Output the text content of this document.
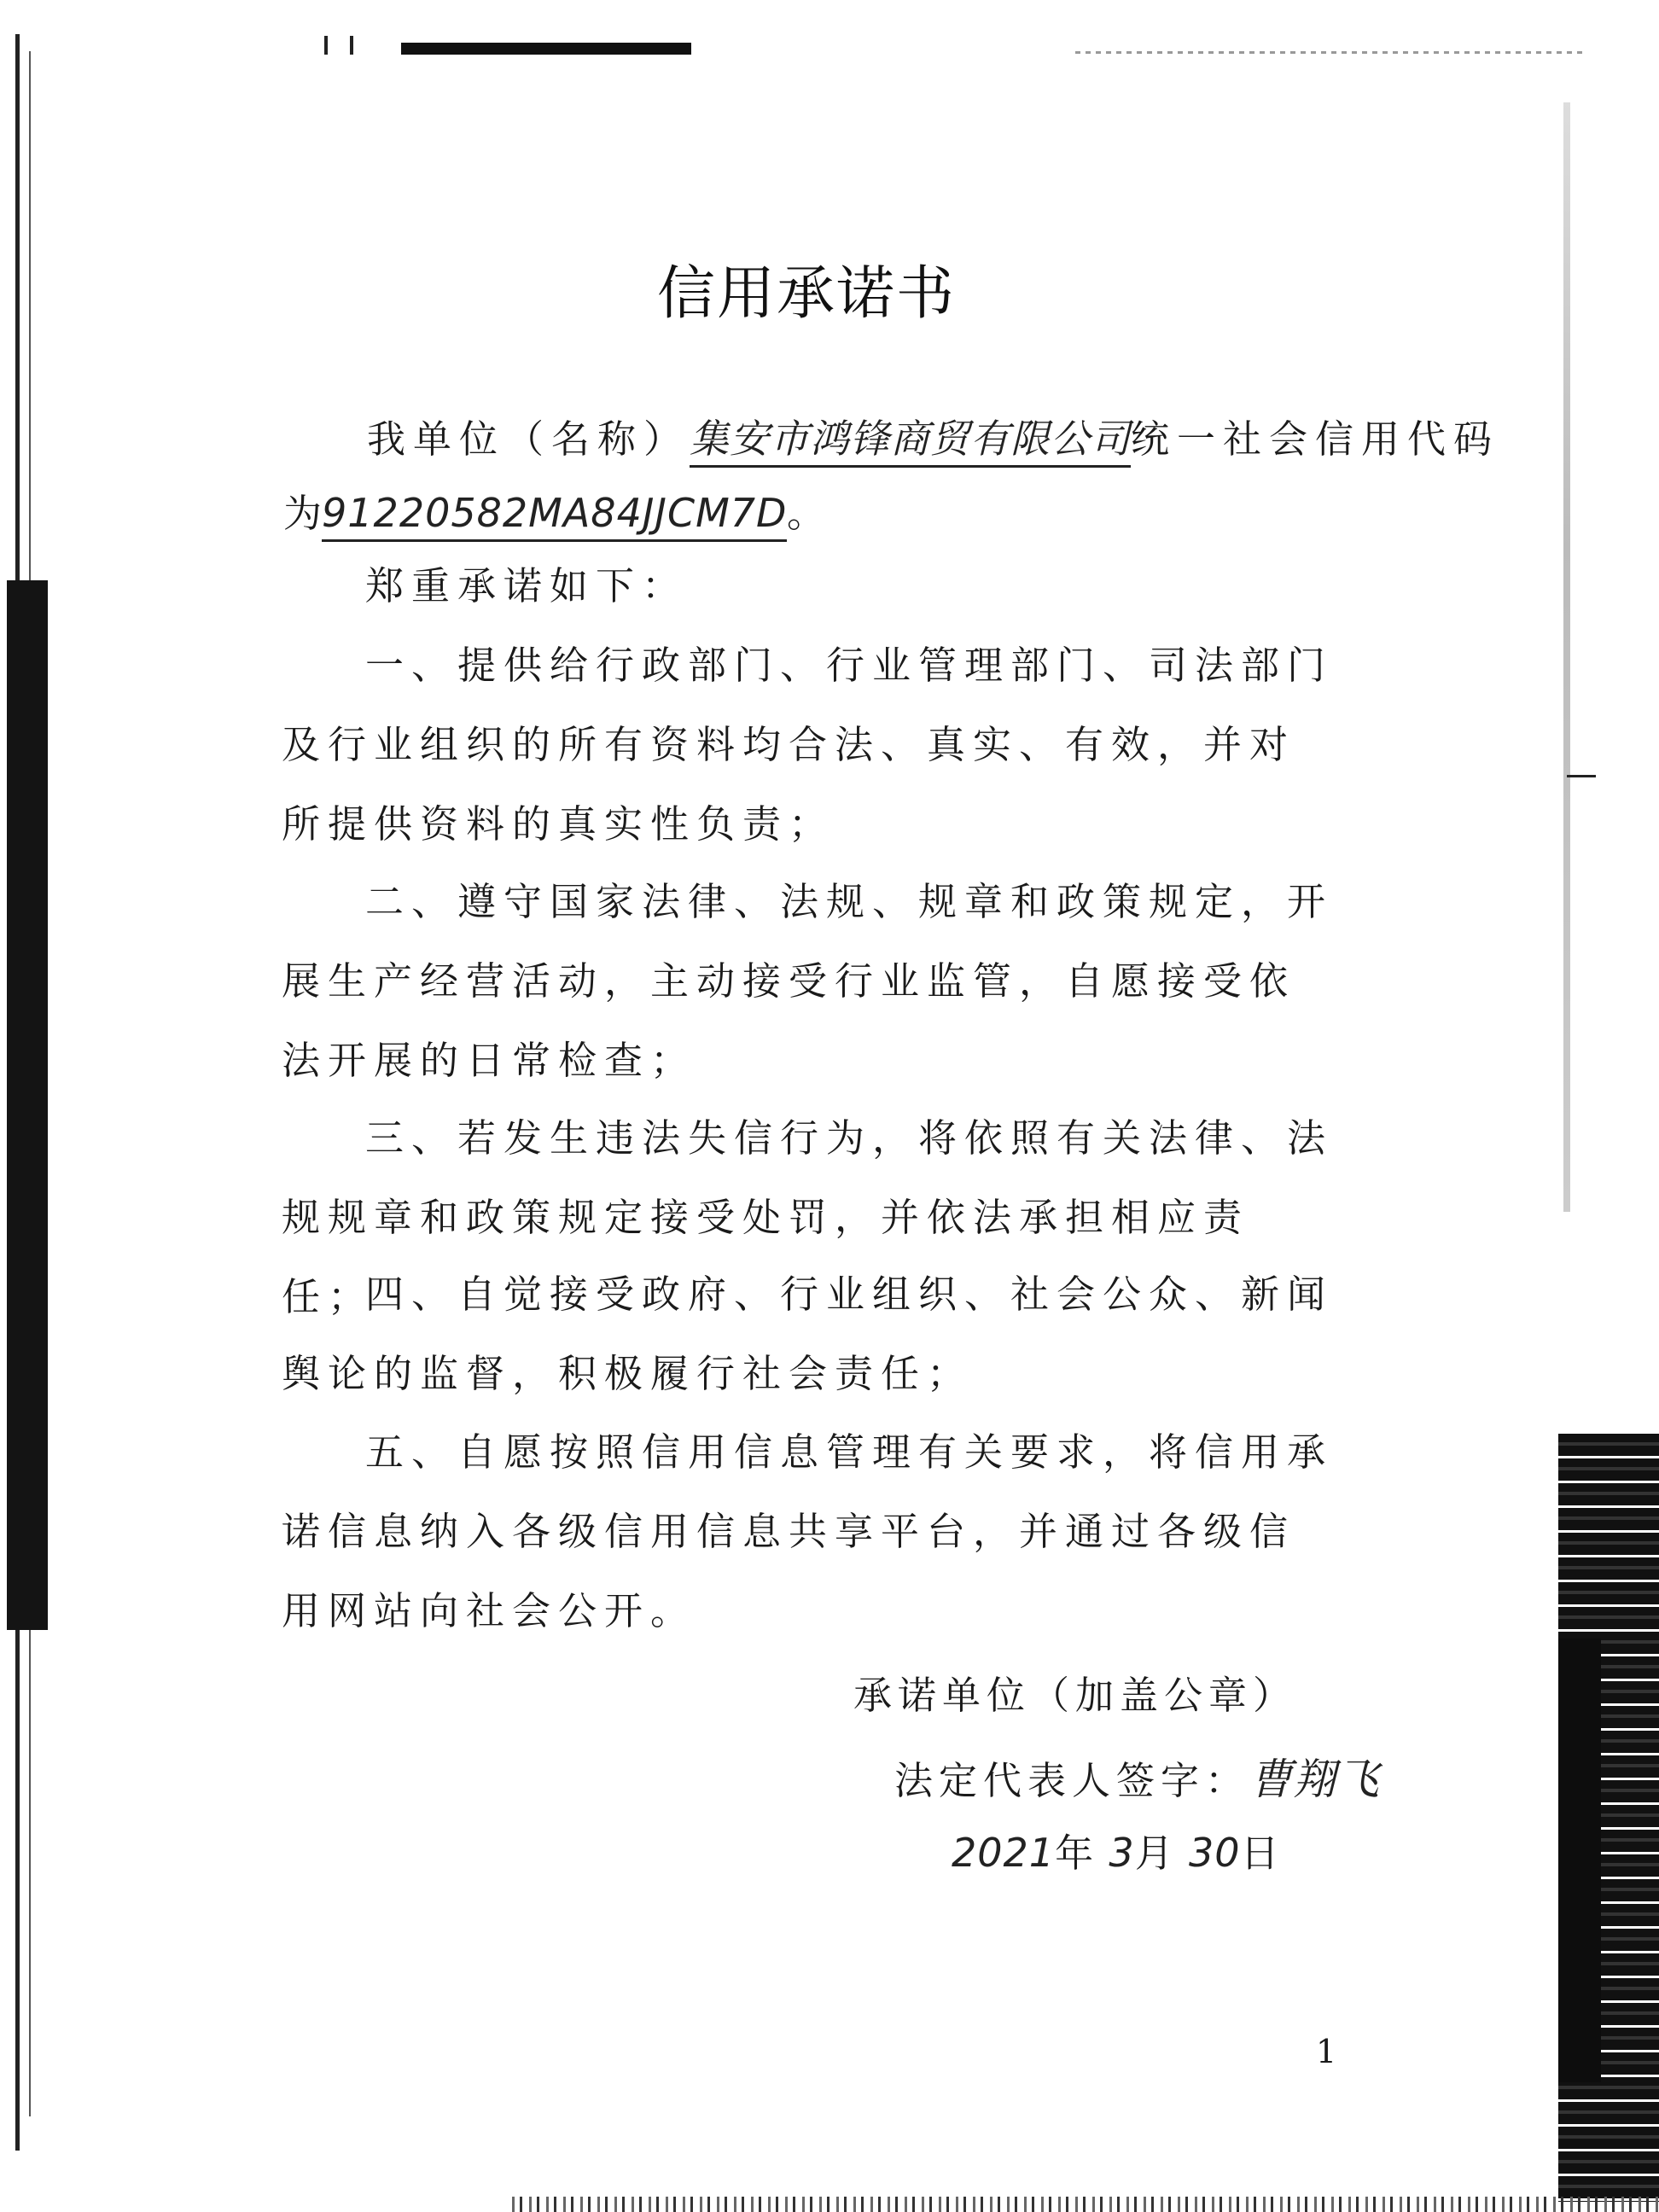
信用承诺书
我单位（名称）集安市鸿锋商贸有限公司统一社会信用代码
为91220582MA84JJCM7D。

郑重承诺如下：

一、提供给行政部门、行业管理部门、司法部门及行业组织的所有资料均合法、真实、有效，并对所提供资料的真实性负责；

二、遵守国家法律、法规、规章和政策规定，开展生产经营活动，主动接受行业监管，自愿接受依法开展的日常检查；

三、若发生违法失信行为，将依照有关法律、法规规章和政策规定接受处罚，并依法承担相应责任；

四、自觉接受政府、行业组织、社会公众、新闻舆论的监督，积极履行社会责任；

五、自愿按照信用信息管理有关要求，将信用承诺信息纳入各级信用信息共享平台，并通过各级信用网站向社会公开。

承诺单位（加盖公章）
法定代表人签字：曹翔飞
2021年 3月 30日
1
